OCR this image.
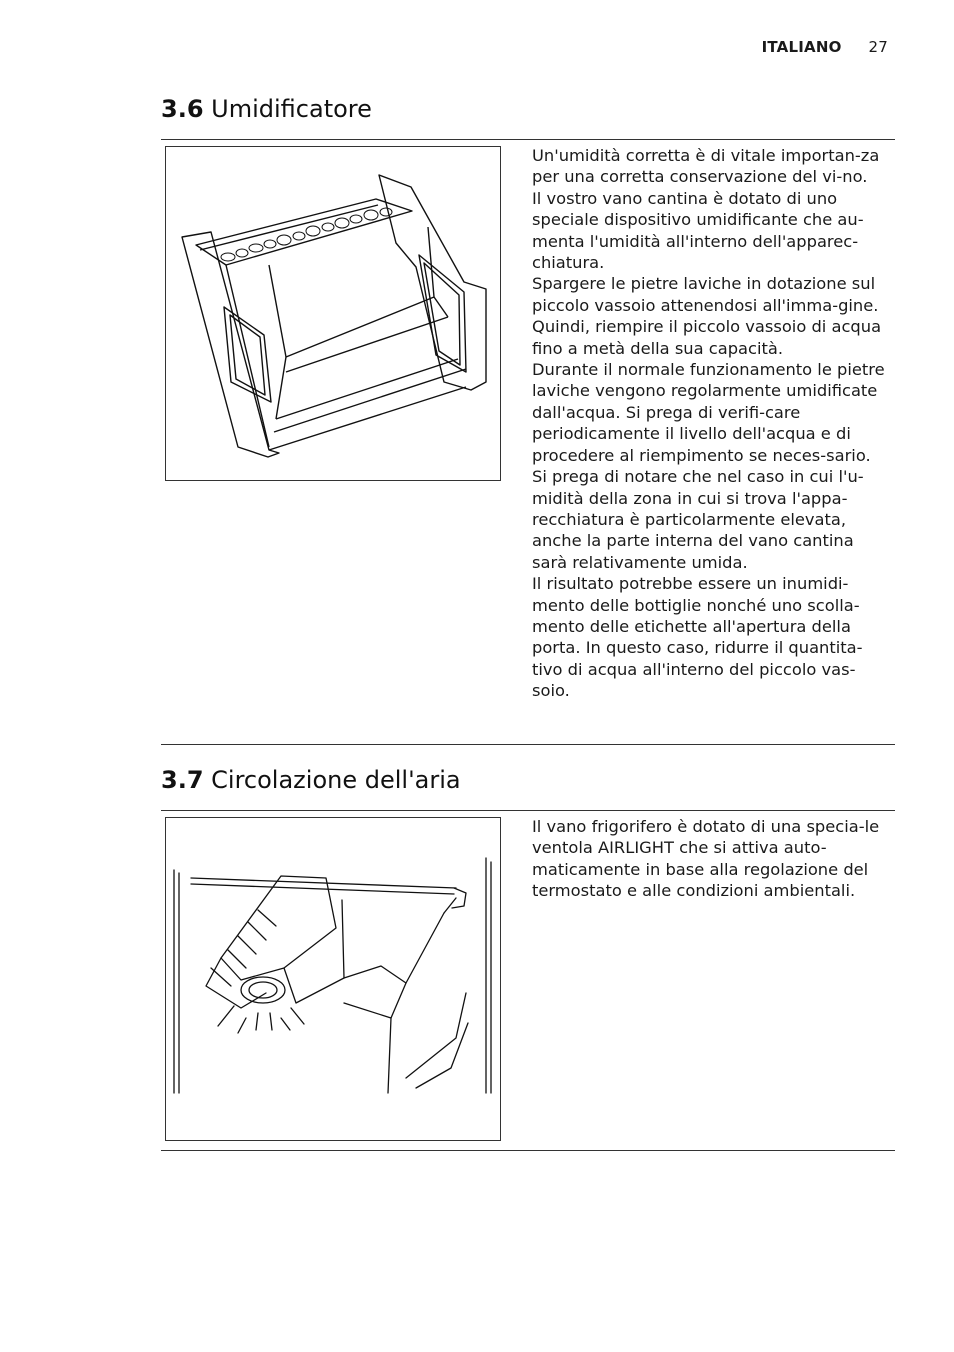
ITALIANO 27
3.6 Umidificatore

Un'umidità corretta è di vitale importan-za per una corretta conservazione del vi-no.

Il vostro vano cantina è dotato di uno speciale dispositivo umidificante che au-menta l'umidità all'interno dell'apparec-chiatura.

Spargere le pietre laviche in dotazione sul piccolo vassoio attenendosi all'imma-gine. Quindi, riempire il piccolo vassoio di acqua fino a metà della sua capacità.

Durante il normale funzionamento le pietre laviche vengono regolarmente umidificate dall'acqua. Si prega di verifi-care periodicamente il livello dell'acqua e di procedere al riempimento se neces-sario.

Si prega di notare che nel caso in cui l'u-midità della zona in cui si trova l'appa-recchiatura è particolarmente elevata, anche la parte interna del vano cantina sarà relativamente umida.

Il risultato potrebbe essere un inumidi-mento delle bottiglie nonché uno scolla-mento delle etichette all'apertura della porta. In questo caso, ridurre il quantita-tivo di acqua all'interno del piccolo vas-soio.

3.7 Circolazione dell'aria

Il vano frigorifero è dotato di una specia-le ventola AIRLIGHT che si attiva auto-maticamente in base alla regolazione del termostato e alle condizioni ambientali.
